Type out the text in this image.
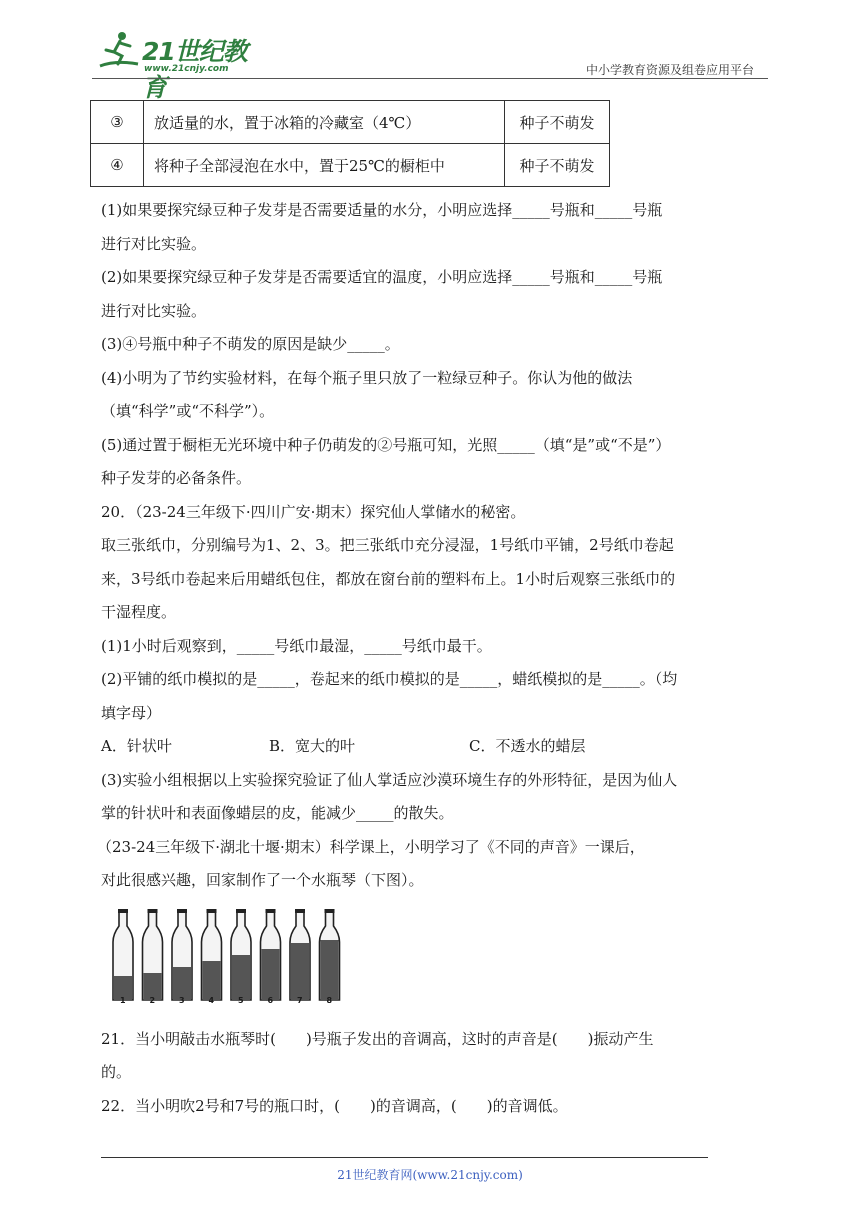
21世纪教育
www.21cnjy.com	中小学教育资源及组卷应用平台
③	放适量的水，置于冰箱的冷藏室（4℃）	种子不萌发
④	将种子全部浸泡在水中，置于25℃的橱柜中	种子不萌发

(1)如果要探究绿豆种子发芽是否需要适量的水分，小明应选择_____号瓶和_____号瓶

进行对比实验。

(2)如果要探究绿豆种子发芽是否需要适宜的温度，小明应选择_____号瓶和_____号瓶

进行对比实验。

(3)④号瓶中种子不萌发的原因是缺少_____。

(4)小明为了节约实验材料，在每个瓶子里只放了一粒绿豆种子。你认为他的做法

（填“科学”或“不科学”）。

(5)通过置于橱柜无光环境中种子仍萌发的②号瓶可知，光照_____（填“是”或“不是”）

种子发芽的必备条件。

20．（23-24三年级下·四川广安·期末）探究仙人掌储水的秘密。

取三张纸巾，分别编号为1、2、3。把三张纸巾充分浸湿，1号纸巾平铺，2号纸巾卷起

来，3号纸巾卷起来后用蜡纸包住，都放在窗台前的塑料布上。1小时后观察三张纸巾的

干湿程度。

(1)1小时后观察到，_____号纸巾最湿，_____号纸巾最干。

(2)平铺的纸巾模拟的是_____，卷起来的纸巾模拟的是_____，蜡纸模拟的是_____。（均

填字母）

A．针状叶	B．宽大的叶	C．不透水的蜡层

(3)实验小组根据以上实验探究验证了仙人掌适应沙漠环境生存的外形特征，是因为仙人

掌的针状叶和表面像蜡层的皮，能减少_____的散失。

（23-24三年级下·湖北十堰·期末）科学课上，小明学习了《不同的声音》一课后，

对此很感兴趣，回家制作了一个水瓶琴（下图）。

1	2	3	4	5	6	7	8

21．当小明敲击水瓶琴时(　　)号瓶子发出的音调高，这时的声音是(　　)振动产生

的。

22．当小明吹2号和7号的瓶口时，(　　)的音调高，(　　)的音调低。

21世纪教育网(www.21cnjy.com)
